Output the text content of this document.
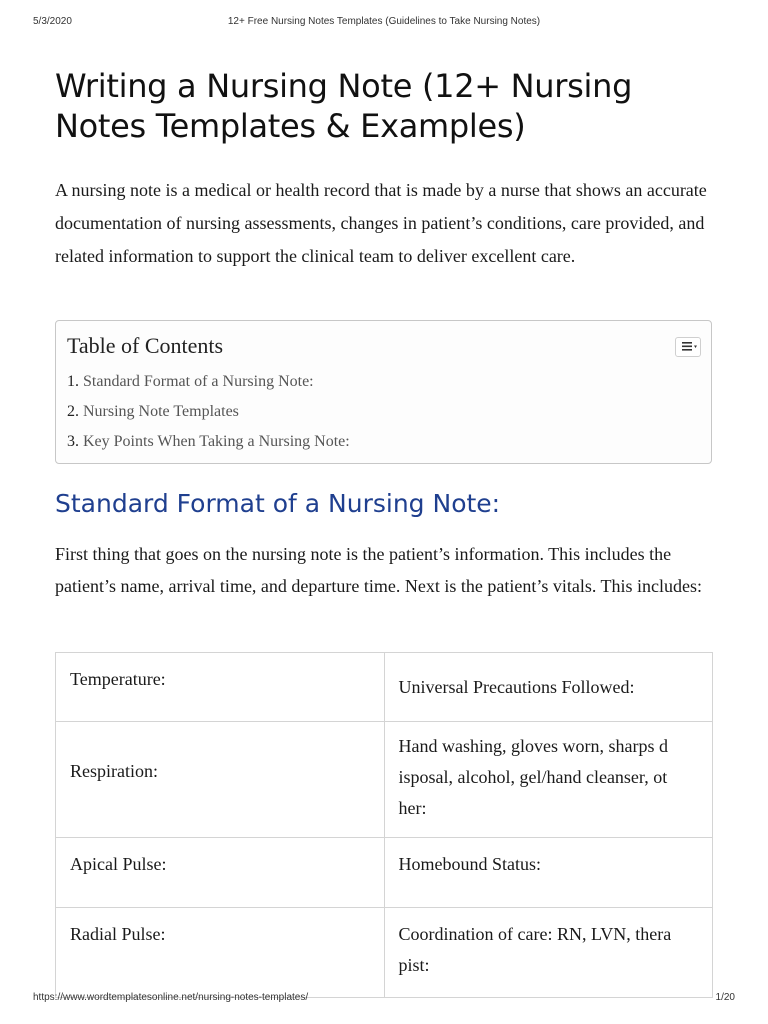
5/3/2020	12+ Free Nursing Notes Templates (Guidelines to Take Nursing Notes)
Writing a Nursing Note (12+ Nursing Notes Templates & Examples)

A nursing note is a medical or health record that is made by a nurse that shows an accurate documentation of nursing assessments, changes in patient’s conditions, care provided, and related information to support the clinical team to deliver excellent care.

Table of Contents
1. Standard Format of a Nursing Note:
2. Nursing Note Templates
3. Key Points When Taking a Nursing Note:
Standard Format of a Nursing Note:

First thing that goes on the nursing note is the patient’s information. This includes the patient’s name, arrival time, and departure time. Next is the patient’s vitals. This includes:

Temperature:	Universal Precautions Followed:
Respiration:	Hand washing, gloves worn, sharps d isposal, alcohol, gel/hand cleanser, ot her:
Apical Pulse:	Homebound Status:
Radial Pulse:	Coordination of care: RN, LVN, thera pist:
https://www.wordtemplatesonline.net/nursing-notes-templates/	1/20
